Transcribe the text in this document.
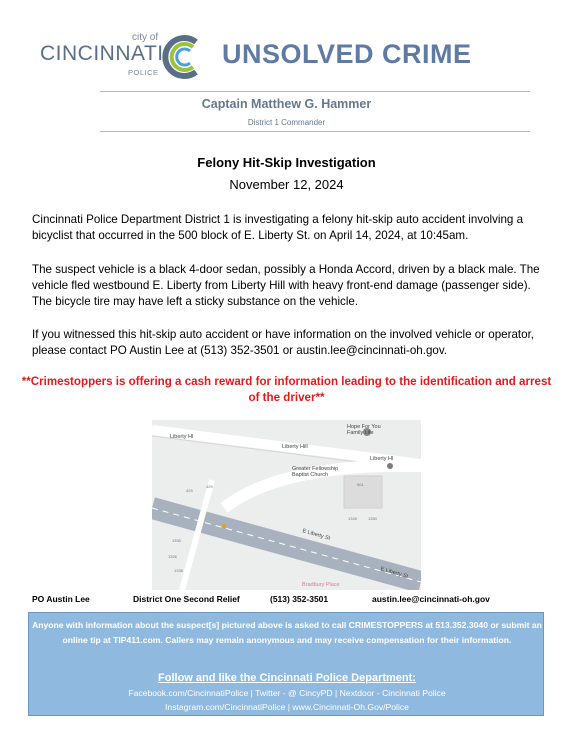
city of
CINCINNATI
POLICE
UNSOLVED CRIME
Captain Matthew G. Hammer
District 1 Commander
Felony Hit-Skip Investigation
November 12, 2024
Cincinnati Police Department District 1 is investigating a felony hit-skip auto accident involving a bicyclist that occurred in the 500 block of E. Liberty St. on April 14, 2024, at 10:45am.
The suspect vehicle is a black 4-door sedan, possibly a Honda Accord, driven by a black male. The vehicle fled westbound E. Liberty from Liberty Hill with heavy front-end damage (passenger side). The bicycle tire may have left a sticky substance on the vehicle.
If you witnessed this hit-skip auto accident or have information on the involved vehicle or operator, please contact PO Austin Lee at (513) 352-3501 or austin.lee@cincinnati-oh.gov.
**Crimestoppers is offering a cash reward for information leading to the identification and arrest of the driver**
Liberty Hl
Liberty Hill
Hope For You Family Life
Liberty Hl
Greater Fellowship Baptist Church
E Liberty St
E Liberty St
Bradbury Place
501
1345	1350
425
429
1330
1326
1336
PO Austin Lee	District One Second Relief	(513) 352-3501	austin.lee@cincinnati-oh.gov
Anyone with information about the suspect[s] pictured above is asked to call CRIMESTOPPERS at 513.352.3040 or submit an online tip at TIP411.com. Callers may remain anonymous and may receive compensation for their information.
Follow and like the Cincinnati Police Department:
Facebook.com/CincinnatiPolice | Twitter - @ CincyPD | Nextdoor - Cincinnati Police
Instagram.com/CincinnatiPolice | www.Cincinnati-Oh.Gov/Police
